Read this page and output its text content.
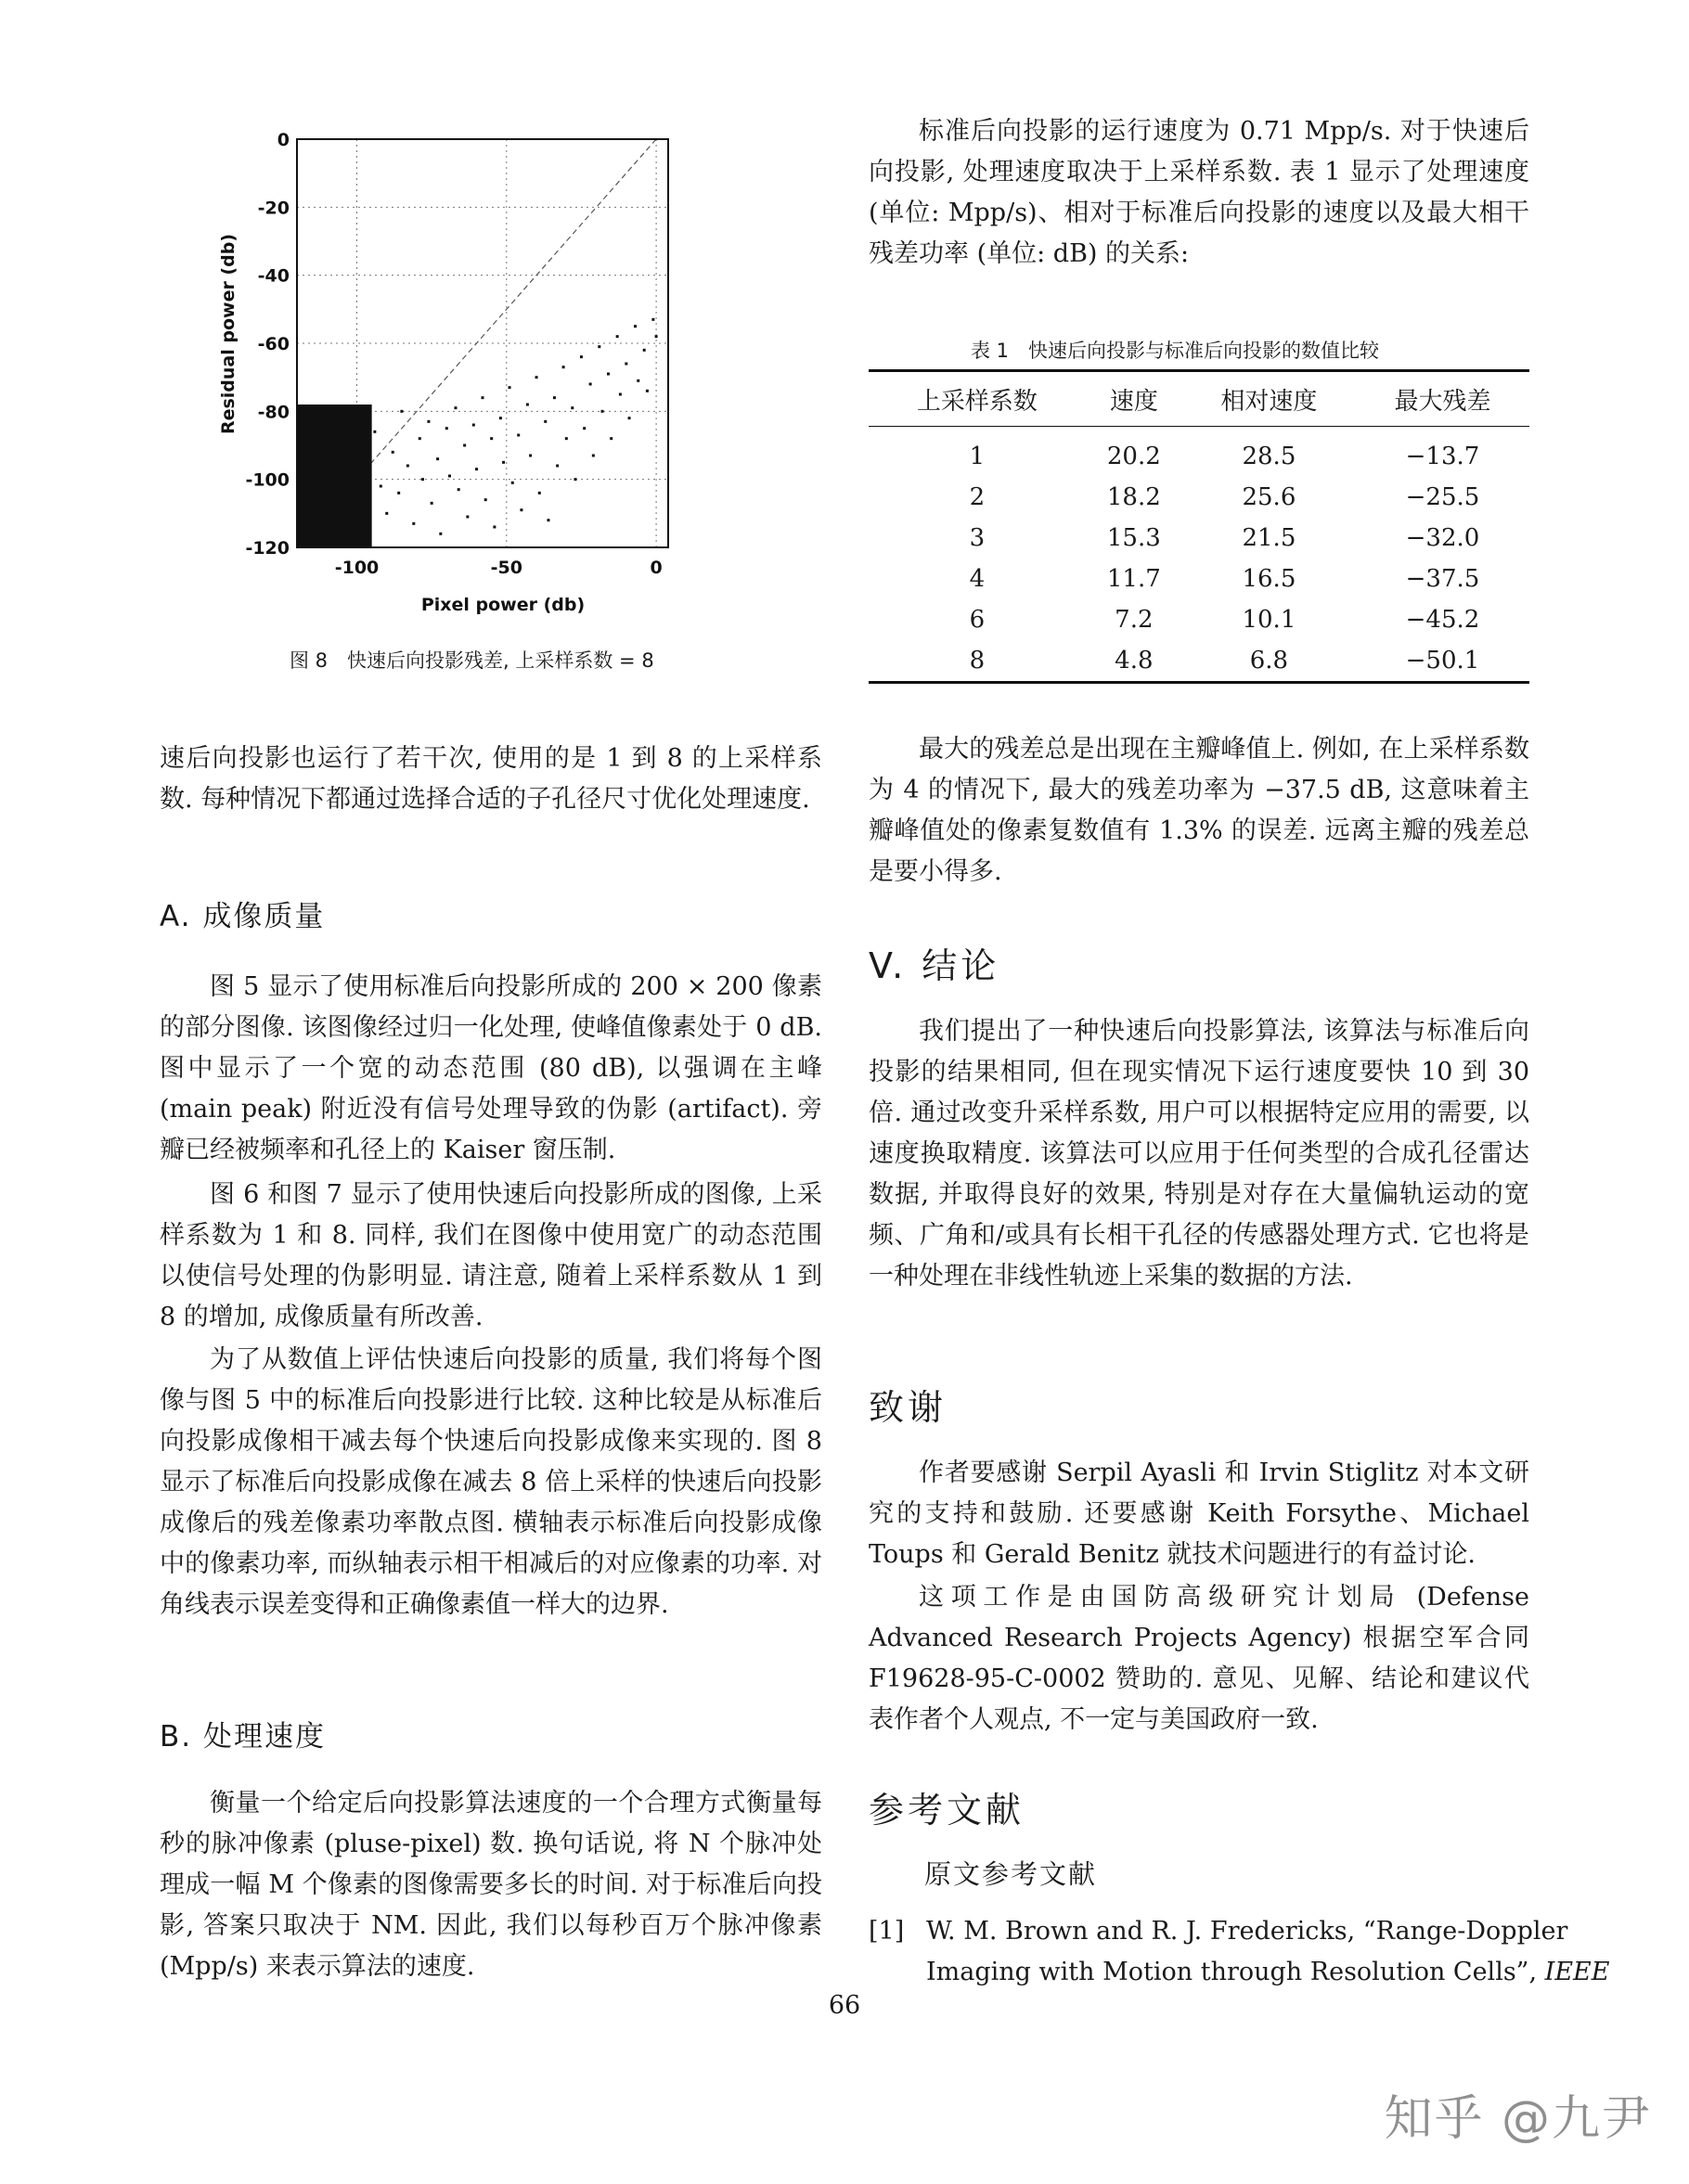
0
-20
-40
-60
-80
-100
-120
-100	-50	0
Residual power (db)
Pixel power (db)
图 8　快速后向投影残差, 上采样系数 = 8

速后向投影也运行了若干次, 使用的是 1 到 8 的上采样系数. 每种情况下都通过选择合适的子孔径尺寸优化处理速度.

A. 成像质量

图 5 显示了使用标准后向投影所成的 200 × 200 像素的部分图像. 该图像经过归一化处理, 使峰值像素处于 0 dB. 图中显示了一个宽的动态范围 (80 dB), 以强调在主峰 (main peak) 附近没有信号处理导致的伪影 (artifact). 旁瓣已经被频率和孔径上的 Kaiser 窗压制.

图 6 和图 7 显示了使用快速后向投影所成的图像, 上采样系数为 1 和 8. 同样, 我们在图像中使用宽广的动态范围以使信号处理的伪影明显. 请注意, 随着上采样系数从 1 到 8 的增加, 成像质量有所改善.

为了从数值上评估快速后向投影的质量, 我们将每个图像与图 5 中的标准后向投影进行比较. 这种比较是从标准后向投影成像相干减去每个快速后向投影成像来实现的. 图 8 显示了标准后向投影成像在减去 8 倍上采样的快速后向投影成像后的残差像素功率散点图. 横轴表示标准后向投影成像中的像素功率, 而纵轴表示相干相减后的对应像素的功率. 对角线表示误差变得和正确像素值一样大的边界.

B. 处理速度

衡量一个给定后向投影算法速度的一个合理方式衡量每秒的脉冲像素 (pluse-pixel) 数. 换句话说, 将 N 个脉冲处理成一幅 M 个像素的图像需要多长的时间. 对于标准后向投影, 答案只取决于 NM. 因此, 我们以每秒百万个脉冲像素 (Mpp/s) 来表示算法的速度.

标准后向投影的运行速度为 0.71 Mpp/s. 对于快速后向投影, 处理速度取决于上采样系数. 表 1 显示了处理速度 (单位: Mpp/s)、相对于标准后向投影的速度以及最大相干残差功率 (单位: dB) 的关系:

表 1　快速后向投影与标准后向投影的数值比较
上采样系数	速度	相对速度	最大残差
1	20.2	28.5	−13.7
2	18.2	25.6	−25.5
3	15.3	21.5	−32.0
4	11.7	16.5	−37.5
6	7.2	10.1	−45.2
8	4.8	6.8	−50.1

最大的残差总是出现在主瓣峰值上. 例如, 在上采样系数为 4 的情况下, 最大的残差功率为 −37.5 dB, 这意味着主瓣峰值处的像素复数值有 1.3% 的误差. 远离主瓣的残差总是要小得多.

V. 结论

我们提出了一种快速后向投影算法, 该算法与标准后向投影的结果相同, 但在现实情况下运行速度要快 10 到 30 倍. 通过改变升采样系数, 用户可以根据特定应用的需要, 以速度换取精度. 该算法可以应用于任何类型的合成孔径雷达数据, 并取得良好的效果, 特别是对存在大量偏轨运动的宽频、广角和/或具有长相干孔径的传感器处理方式. 它也将是一种处理在非线性轨迹上采集的数据的方法.

致谢

作者要感谢 Serpil Ayasli 和 Irvin Stiglitz 对本文研究的支持和鼓励. 还要感谢 Keith Forsythe、Michael Toups 和 Gerald Benitz 就技术问题进行的有益讨论.

这项工作是由国防高级研究计划局 (Defense Advanced Research Projects Agency) 根据空军合同 F19628-95-C-0002 赞助的. 意见、见解、结论和建议代表作者个人观点, 不一定与美国政府一致.

参考文献
原文参考文献
[1] W. M. Brown and R. J. Fredericks, “Range-Doppler
Imaging with Motion through Resolution Cells”, IEEE
66
知乎 @九尹
